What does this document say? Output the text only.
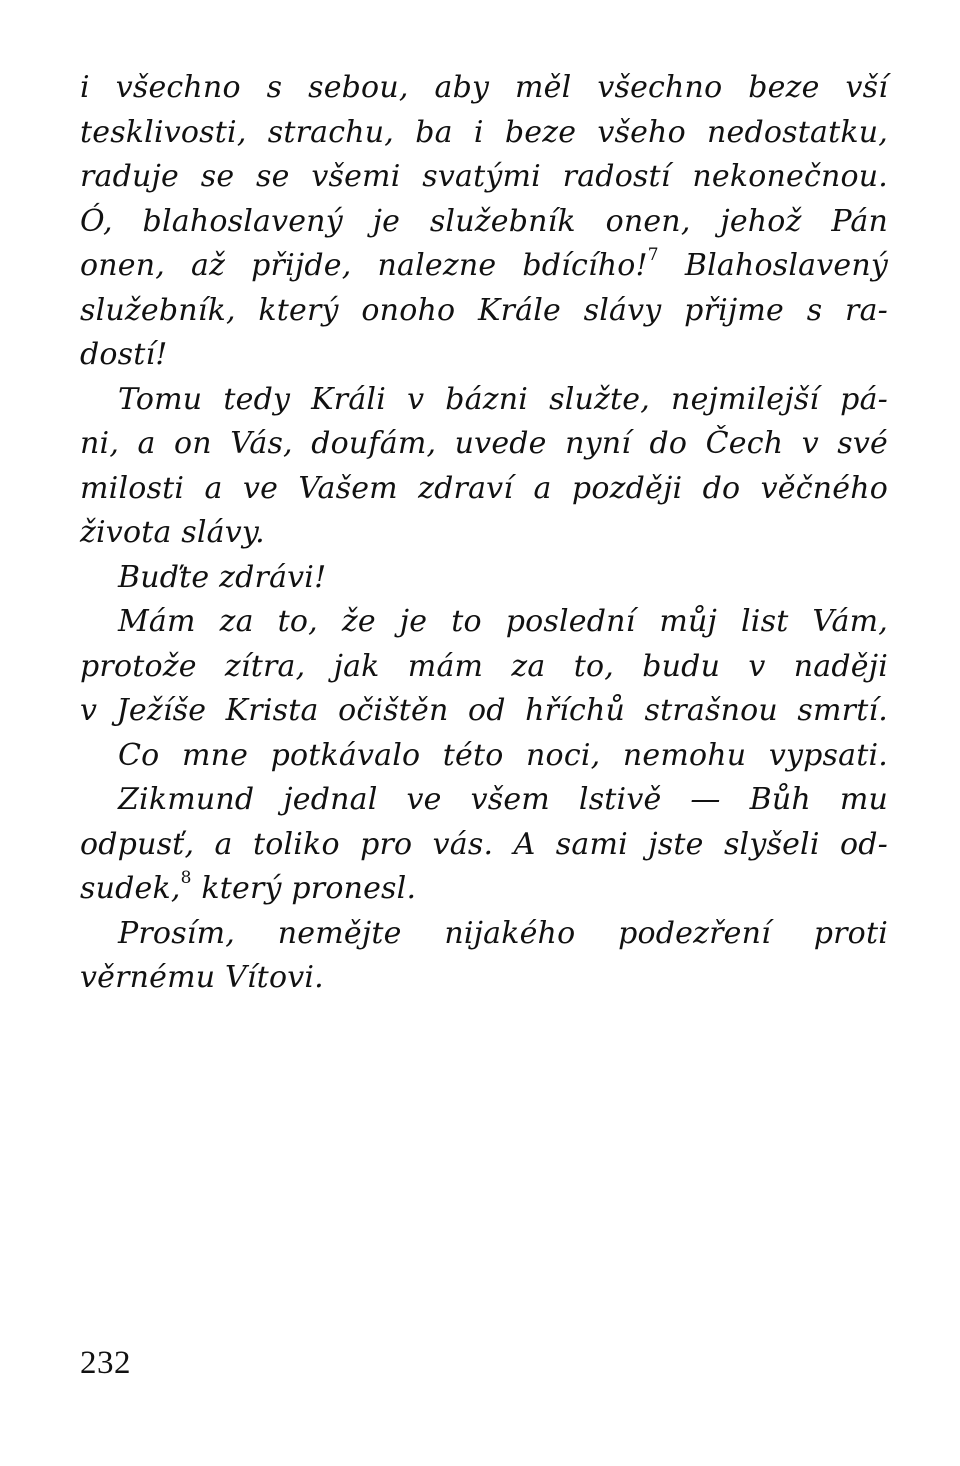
i všechno s sebou, aby měl všechno beze vší
tesklivosti, strachu, ba i beze všeho nedostatku,
raduje se se všemi svatými radostí nekonečnou.
Ó, blahoslavený je služebník onen, jehož Pán
onen, až přijde, nalezne bdícího!$^7$ Blahoslavený
služebník, který onoho Krále slávy přijme s ra-
dostí!
Tomu tedy Králi v bázni služte, nejmilejší pá-
ni, a on Vás, doufám, uvede nyní do Čech v své
milosti a ve Vašem zdraví a později do věčného
života slávy.
Buďte zdrávi!
Mám za to, že je to poslední můj list Vám,
protože zítra, jak mám za to, budu v naději
v Ježíše Krista očištěn od hříchů strašnou smrtí.
Co mne potkávalo této noci, nemohu vypsati.
Zikmund jednal ve všem lstivě — Bůh mu
odpusť, a toliko pro vás. A sami jste slyšeli od-
sudek,$^8$ který pronesl.
Prosím, nemějte nijakého podezření proti
věrnému Vítovi.
232
